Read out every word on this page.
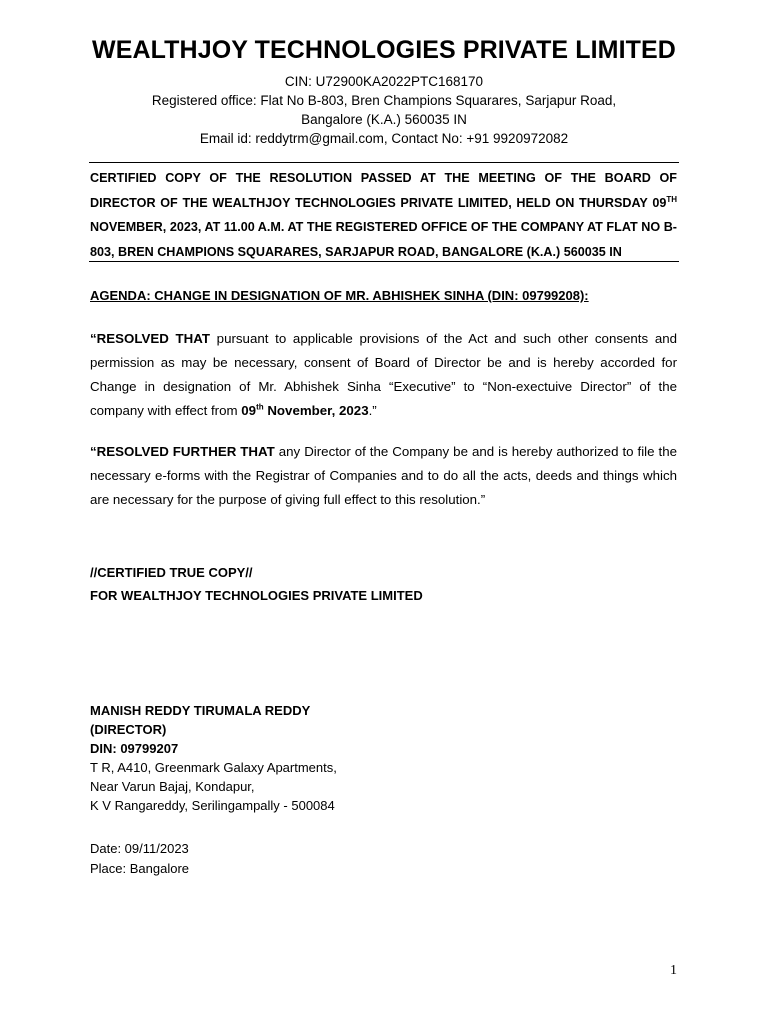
WEALTHJOY TECHNOLOGIES PRIVATE LIMITED
CIN: U72900KA2022PTC168170
Registered office: Flat No B-803, Bren Champions Squarares, Sarjapur Road,
Bangalore (K.A.) 560035 IN
Email id: reddytrm@gmail.com, Contact No: +91 9920972082
CERTIFIED COPY OF THE RESOLUTION PASSED AT THE MEETING OF THE BOARD OF DIRECTOR OF THE WEALTHJOY TECHNOLOGIES PRIVATE LIMITED, HELD ON THURSDAY 09TH NOVEMBER, 2023, AT 11.00 A.M. AT THE REGISTERED OFFICE OF THE COMPANY AT FLAT NO B-803, BREN CHAMPIONS SQUARARES, SARJAPUR ROAD, BANGALORE (K.A.) 560035 IN
AGENDA: CHANGE IN DESIGNATION OF MR. ABHISHEK SINHA (DIN: 09799208):
“RESOLVED THAT pursuant to applicable provisions of the Act and such other consents and permission as may be necessary, consent of Board of Director be and is hereby accorded for Change in designation of Mr. Abhishek Sinha “Executive” to “Non-exectuive Director” of the company with effect from 09th November, 2023.”
“RESOLVED FURTHER THAT any Director of the Company be and is hereby authorized to file the necessary e-forms with the Registrar of Companies and to do all the acts, deeds and things which are necessary for the purpose of giving full effect to this resolution.”
//CERTIFIED TRUE COPY//
FOR WEALTHJOY TECHNOLOGIES PRIVATE LIMITED
MANISH REDDY TIRUMALA REDDY
(DIRECTOR)
DIN: 09799207
T R, A410, Greenmark Galaxy Apartments,
Near Varun Bajaj, Kondapur,
K V Rangareddy, Serilingampally - 500084
Date: 09/11/2023
Place: Bangalore
1
